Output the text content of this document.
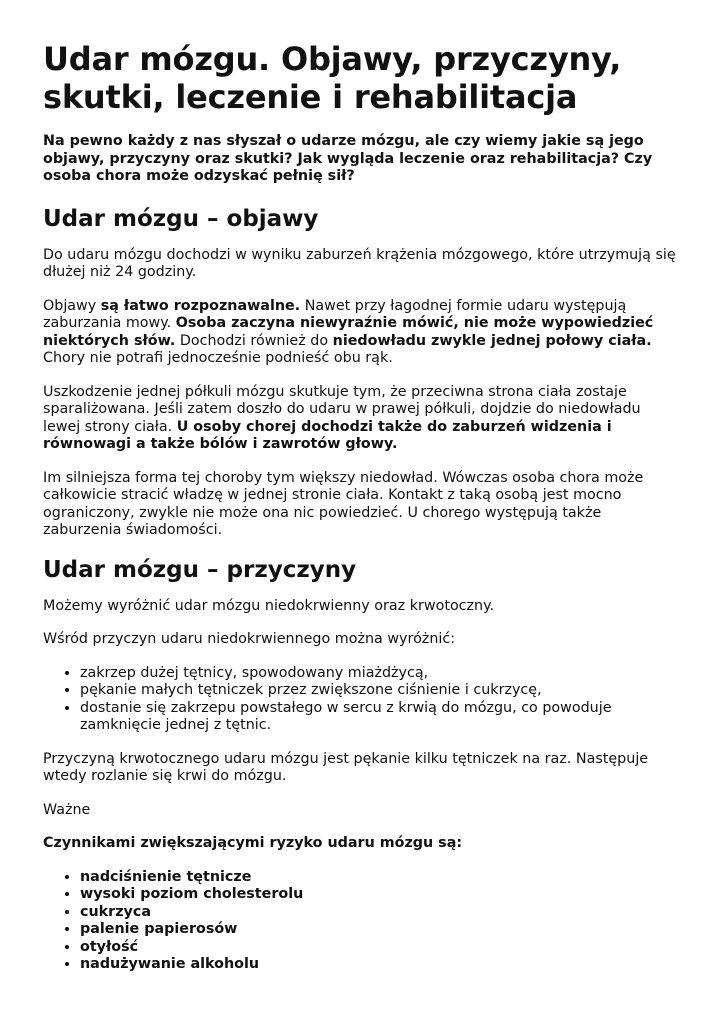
Udar mózgu. Objawy, przyczyny, skutki, leczenie i rehabilitacja

Na pewno każdy z nas słyszał o udarze mózgu, ale czy wiemy jakie są jego objawy, przyczyny oraz skutki? Jak wygląda leczenie oraz rehabilitacja? Czy osoba chora może odzyskać pełnię sił?

Udar mózgu – objawy

Do udaru mózgu dochodzi w wyniku zaburzeń krążenia mózgowego, które utrzymują się dłużej niż 24 godziny.

Objawy są łatwo rozpoznawalne. Nawet przy łagodnej formie udaru występują zaburzania mowy. Osoba zaczyna niewyraźnie mówić, nie może wypowiedzieć niektórych słów. Dochodzi również do niedowładu zwykle jednej połowy ciała. Chory nie potrafi jednocześnie podnieść obu rąk.

Uszkodzenie jednej półkuli mózgu skutkuje tym, że przeciwna strona ciała zostaje sparaliżowana. Jeśli zatem doszło do udaru w prawej półkuli, dojdzie do niedowładu lewej strony ciała. U osoby chorej dochodzi także do zaburzeń widzenia i równowagi a także bólów i zawrotów głowy.

Im silniejsza forma tej choroby tym większy niedowład. Wówczas osoba chora może całkowicie stracić władzę w jednej stronie ciała. Kontakt z taką osobą jest mocno ograniczony, zwykle nie może ona nic powiedzieć. U chorego występują także zaburzenia świadomości.

Udar mózgu – przyczyny

Możemy wyróżnić udar mózgu niedokrwienny oraz krwotoczny.

Wśród przyczyn udaru niedokrwiennego można wyróżnić:

• zakrzep dużej tętnicy, spowodowany miażdżycą,
• pękanie małych tętniczek przez zwiększone ciśnienie i cukrzycę,
• dostanie się zakrzepu powstałego w sercu z krwią do mózgu, co powoduje zamknięcie jednej z tętnic.

Przyczyną krwotocznego udaru mózgu jest pękanie kilku tętniczek na raz. Następuje wtedy rozlanie się krwi do mózgu.

Ważne

Czynnikami zwiększającymi ryzyko udaru mózgu są:

• nadciśnienie tętnicze
• wysoki poziom cholesterolu
• cukrzyca
• palenie papierosów
• otyłość
• nadużywanie alkoholu
